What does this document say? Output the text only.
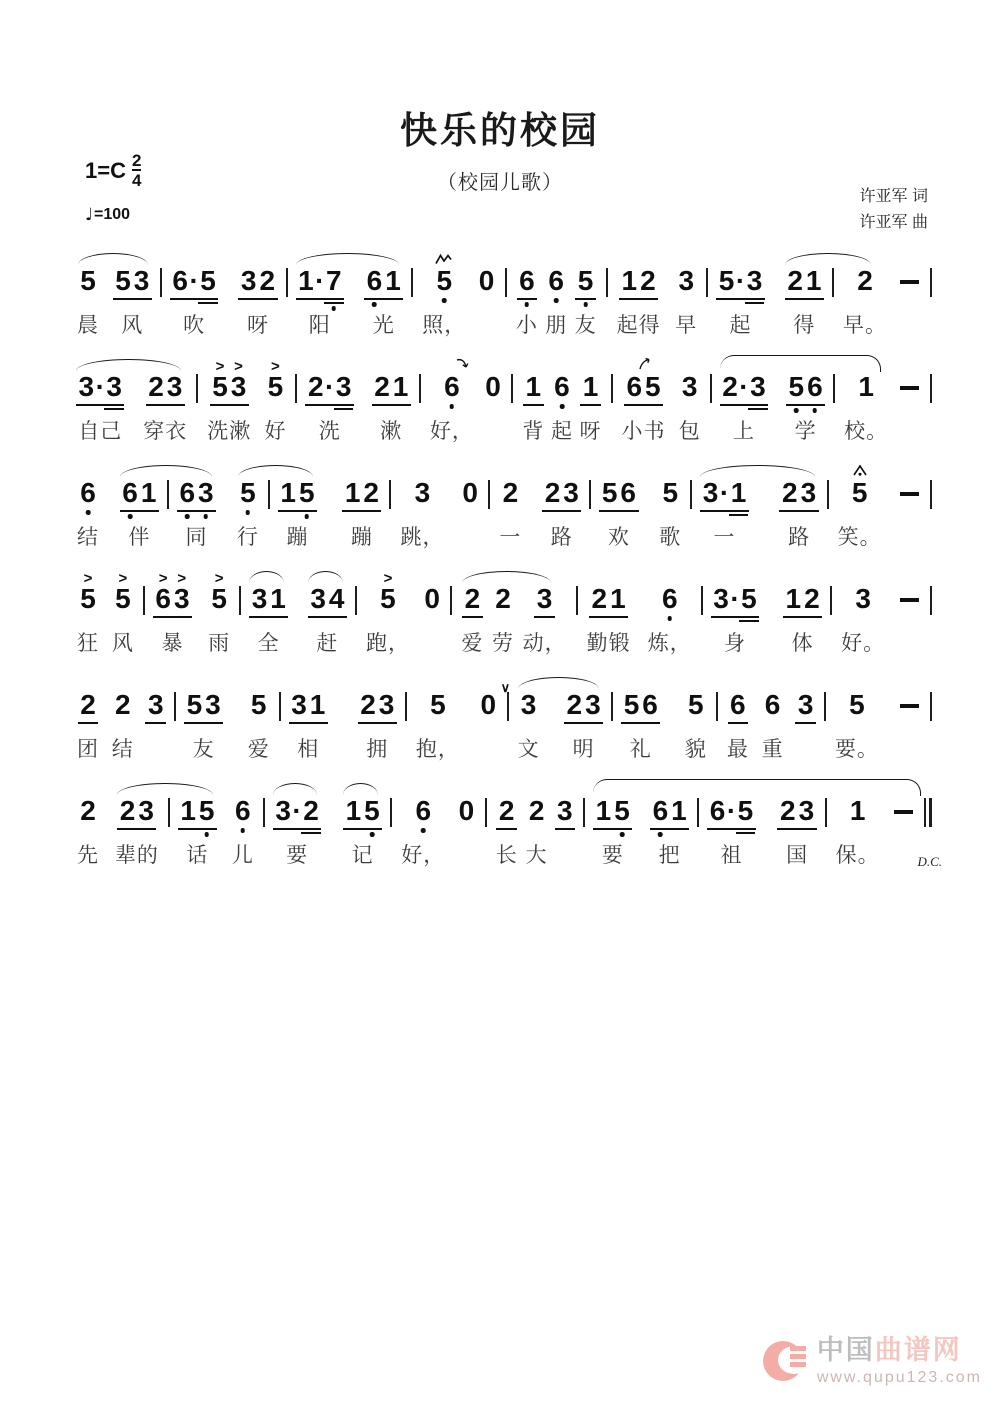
快乐的校园
（校园儿歌）
$1=C \frac{2}{4}$
♩ =100
许亚军 词
许亚军 曲
5
晨
5 3
风
6·5
吹
3 2
呀
1·7
阳
6 1
光
5
照，
0 6
小
6
朋
5
友
1 2
起得
3
早
5·3
起
2 1
得
2
早。
3·3
自己
2 3
穿衣
5
>
3
>
洗漱
5
>
好
2·3
洗
2 1
漱
6
好，
0 1
背
6
起
1
呀
6 5
小书
3
包
2·3
上
5 6
学
1
校。
6
结
6 1
伴
6 3
同
5
行
1 5
蹦
1 2
蹦
3
跳，
0 2
一
2 3
路
5 6
欢
5
歌
3·1
一
2 3
路
5
笑。
5
>
狂
5
>
风
6
>
3
>
暴
5
>
雨
3 1
全
3 4
赶
5
>
跑，
0 2
爱
2
劳
3
动，
2 1
勤锻
6
炼，
3·5
身
1 2
体
3
好。
2
团
2
结
3 5 3
友
5
爱
3 1
相
2 3
拥
5
抱，
0
∨
3
文
2 3
明
5 6
礼
5
貌
6
最
6
重
3 5
要。
2
先
2 3
辈的
1 5
话
6
儿
3·2
要
1 5
记
6
好，
0 2
长
2
大
3 1 5
要
6 1
把
6·5
祖
2 3
国
1
保。	D.C.
中国曲谱网
www.qupu123.com
